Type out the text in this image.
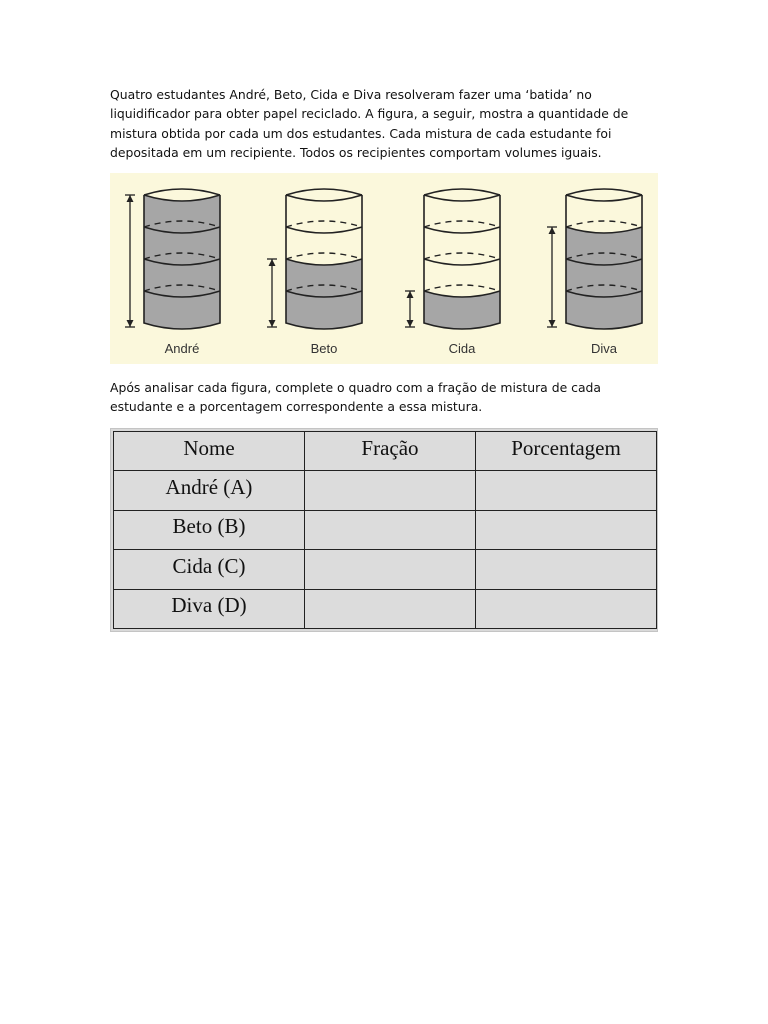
Quatro estudantes André, Beto, Cida e Diva resolveram fazer uma ‘batida’ no liquidificador para obter papel reciclado. A figura, a seguir, mostra a quantidade de mistura obtida por cada um dos estudantes. Cada mistura de cada estudante foi depositada em um recipiente. Todos os recipientes comportam volumes iguais.

André	Beto	Cida	Diva

Após analisar cada figura, complete o quadro com a fração de mistura de cada estudante e a porcentagem correspondente a essa mistura.

Nome	Fração	Porcentagem
André (A)		
Beto (B)		
Cida (C)		
Diva (D)		
